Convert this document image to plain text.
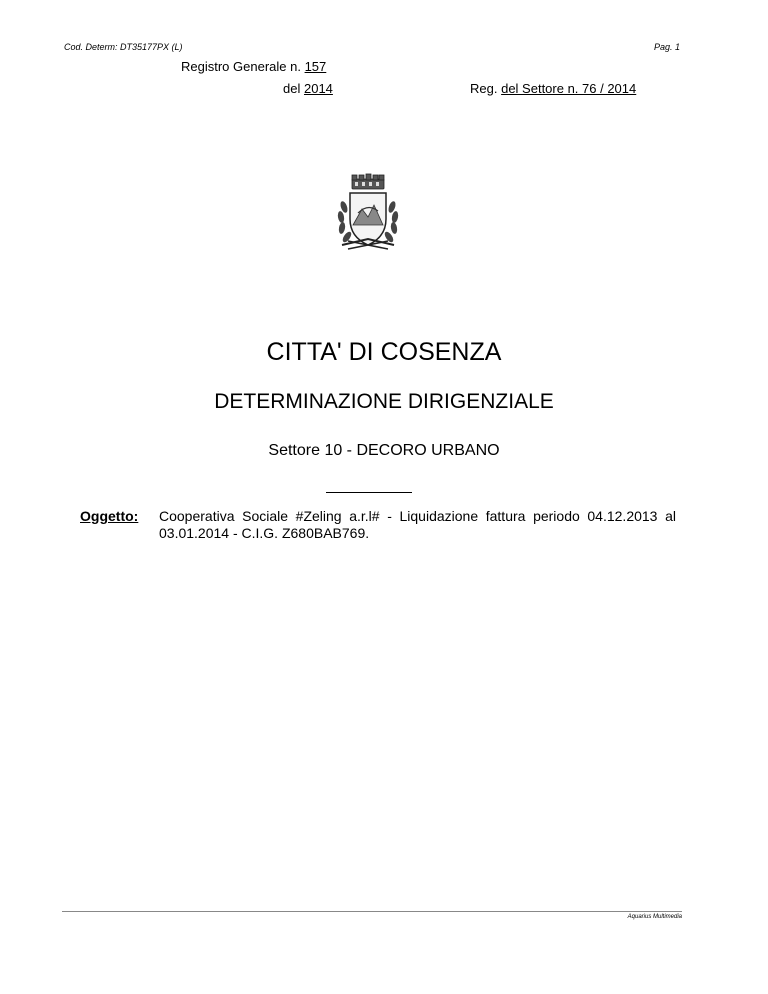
Cod. Determ: DT35177PX (L)	Pag. 1
Registro Generale n. 157
del 2014	Reg. del Settore n. 76 / 2014
CITTA' DI COSENZA
DETERMINAZIONE DIRIGENZIALE
Settore 10 - DECORO URBANO
Oggetto: Cooperativa Sociale #Zeling a.r.l# - Liquidazione fattura periodo 04.12.2013 al 03.01.2014 - C.I.G. Z680BAB769.
Aquarius Multimedia
